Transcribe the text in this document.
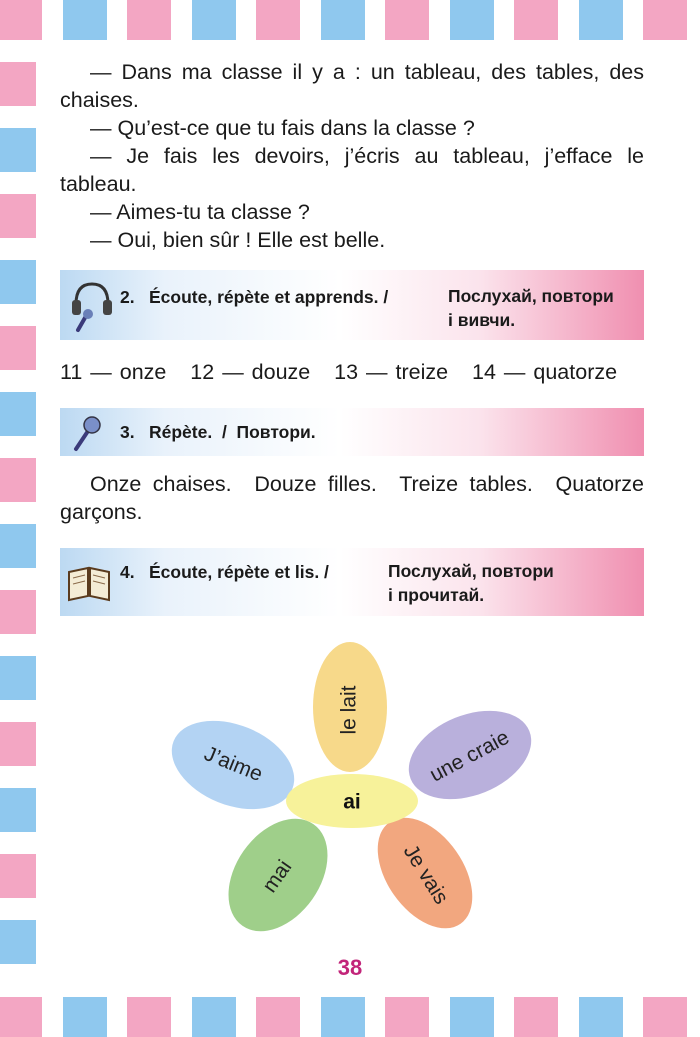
— Dans ma classe il y a : un tableau, des tables, des chaises.

— Qu’est-ce que tu fais dans la classe ?

— Je fais les devoirs, j’écris au tableau, j’efface le tableau.

— Aimes-tu ta classe ?

— Oui, bien sûr ! Elle est belle.

2. Écoute, répète et apprends. /	Послухай, повтори
і вивчи.
11 — onze   12 — douze   13 — treize   14 — quatorze
3. Répète.  /  Повтори.

Onze chaises.  Douze filles.  Treize tables.  Quatorze garçons.

4. Écoute, répète et lis. /	Послухай, повтори
і прочитай.
le lait
une craie
Je vais
mai
J’aime
ai
38
